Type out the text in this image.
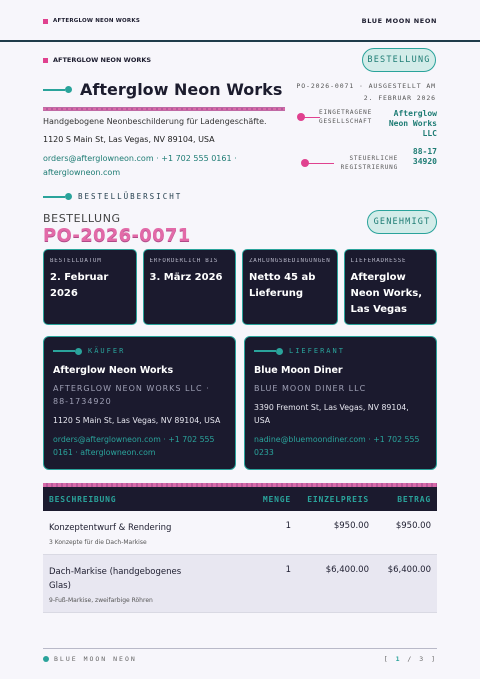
AFTERGLOW NEON WORKS	BLUE MOON NEON
AFTERGLOW NEON WORKS	BESTELLUNG
Afterglow Neon Works
Handgebogene Neonbeschilderung für Ladengeschäfte.
1120 S Main St, Las Vegas, NV 89104, USA
orders@afterglowneon.com · +1 702 555 0161 · afterglowneon.com
PO-2026-0071 · AUSGESTELLT AM 2. FEBRUAR 2026
EINGETRAGENE GESELLSCHAFT
Afterglow Neon Works LLC
STEUERLICHE REGISTRIERUNG
88-1734920
BESTELLÜBERSICHT
BESTELLUNG
PO-2026-0071
GENEHMIGT
BESTELLDATUM
2. Februar 2026
ERFORDERLICH BIS
3. März 2026
ZAHLUNGSBEDINGUNGEN
Netto 45 ab Lieferung
LIEFERADRESSE
Afterglow Neon Works, Las Vegas
KÄUFER
Afterglow Neon Works
AFTERGLOW NEON WORKS LLC · 88-1734920
1120 S Main St, Las Vegas, NV 89104, USA
orders@afterglowneon.com · +1 702 555 0161 · afterglowneon.com
LIEFERANT
Blue Moon Diner
BLUE MOON DINER LLC
3390 Fremont St, Las Vegas, NV 89104, USA
nadine@bluemoondiner.com · +1 702 555 0233
BESCHREIBUNG	MENGE	EINZELPREIS	BETRAG
Konzeptentwurf & Rendering
3 Konzepte für die Dach-Markise
1	$950.00	$950.00
Dach-Markise (handgebogenes Glas)
9-Fuß-Markise, zweifarbige Röhren
1	$6,400.00	$6,400.00
BLUE MOON NEON	[ 1 / 3 ]
